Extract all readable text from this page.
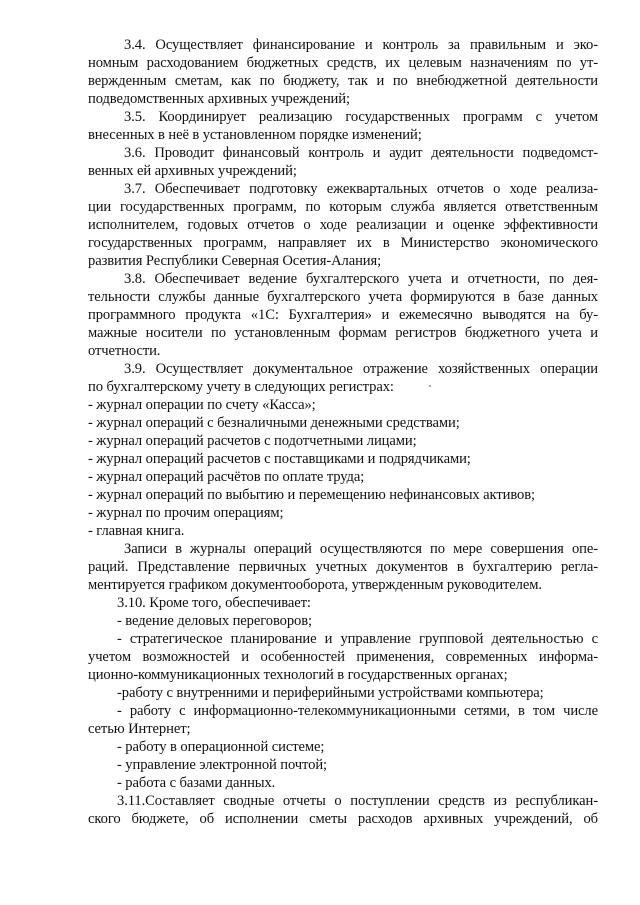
3.4. Осуществляет финансирование и контроль за правильным и эко-
номным расходованием бюджетных средств, их целевым назначениям по ут-
вержденным сметам, как по бюджету, так и по внебюджетной деятельности
подведомственных архивных учреждений;
3.5. Координирует реализацию государственных программ с учетом
внесенных в неё в установленном порядке изменений;
3.6. Проводит финансовый контроль и аудит деятельности подведомст-
венных ей архивных учреждений;
3.7. Обеспечивает подготовку ежеквартальных отчетов о ходе реализа-
ции государственных программ, по которым служба является ответственным
исполнителем, годовых отчетов о ходе реализации и оценке эффективности
государственных программ, направляет их в Министерство экономического
развития Республики Северная Осетия-Алания;
3.8. Обеспечивает ведение бухгалтерского учета и отчетности, по дея-
тельности службы данные бухгалтерского учета формируются в базе данных
программного продукта «1С: Бухгалтерия» и ежемесячно выводятся на бу-
мажные носители по установленным формам регистров бюджетного учета и
отчетности.
3.9. Осуществляет документальное отражение хозяйственных операции
по бухгалтерскому учету в следующих регистрах:
- журнал операции по счету «Касса»;
- журнал операций с безналичными денежными средствами;
- журнал операций расчетов с подотчетными лицами;
- журнал операций расчетов с поставщиками и подрядчиками;
- журнал операций расчётов по оплате труда;
- журнал операций по выбытию и перемещению нефинансовых активов;
- журнал по прочим операциям;
- главная книга.
Записи в журналы операций осуществляются по мере совершения опе-
раций. Представление первичных учетных документов в бухгалтерию регла-
ментируется графиком документооборота, утвержденным руководителем.
3.10. Кроме того, обеспечивает:
- ведение деловых переговоров;
- стратегическое планирование и управление групповой деятельностью с
учетом возможностей и особенностей применения, современных информа-
ционно-коммуникационных технологий в государственных органах;
-работу с внутренними и периферийными устройствами компьютера;
- работу с информационно-телекоммуникационными сетями, в том числе
сетью Интернет;
- работу в операционной системе;
- управление электронной почтой;
- работа с базами данных.
3.11.Составляет сводные отчеты о поступлении средств из республикан-
ского бюджете, об исполнении сметы расходов архивных учреждений, об
